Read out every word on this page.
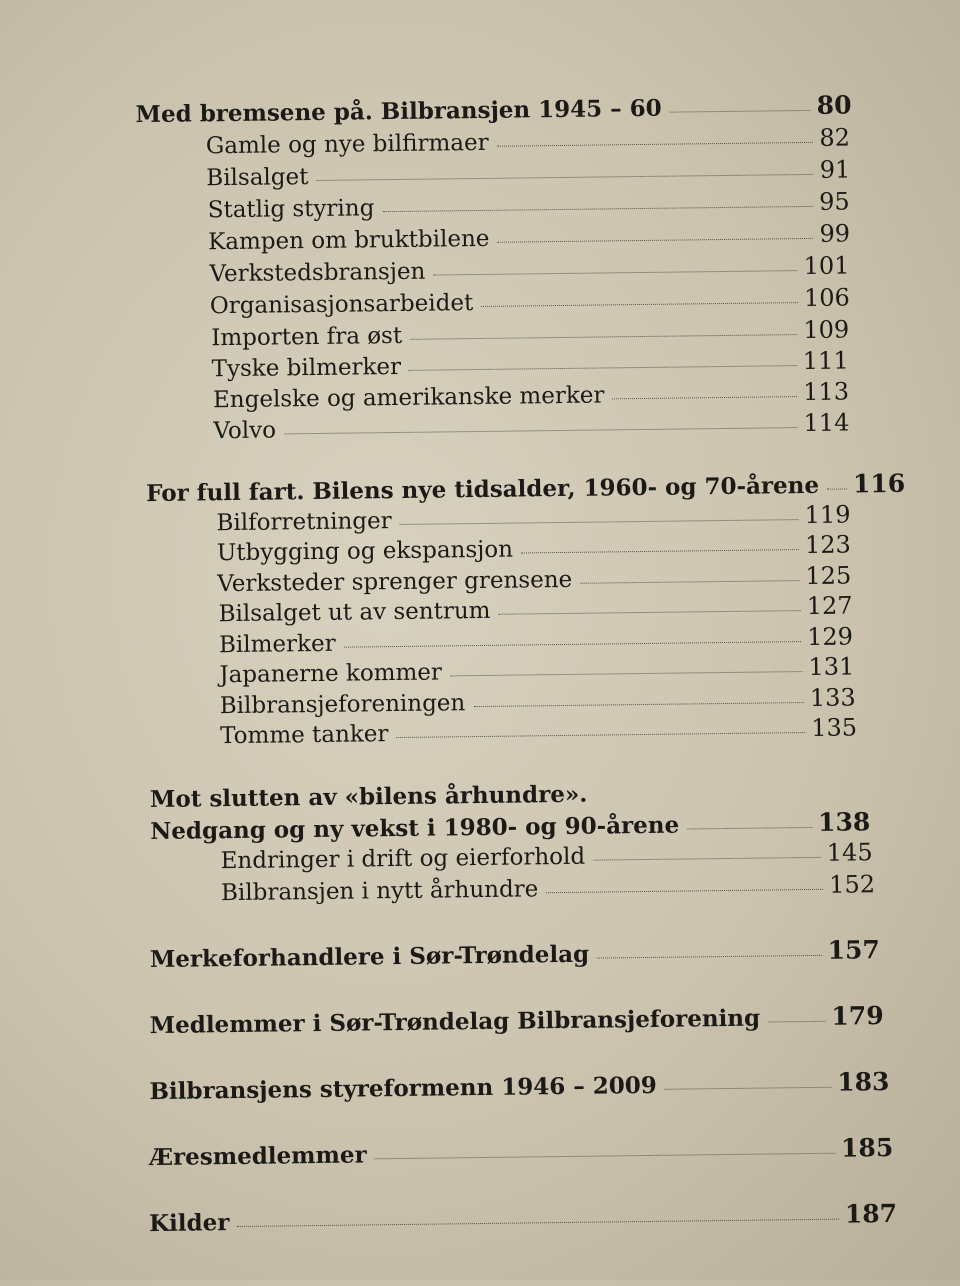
Med bremsene på. Bilbransjen 1945 – 60	80
Gamle og nye bilfirmaer	82
Bilsalget	91
Statlig styring	95
Kampen om bruktbilene	99
Verkstedsbransjen	101
Organisasjonsarbeidet	106
Importen fra øst	109
Tyske bilmerker	111
Engelske og amerikanske merker	113
Volvo	114
For full fart. Bilens nye tidsalder, 1960- og 70-årene 116
Bilforretninger	119
Utbygging og ekspansjon	123
Verksteder sprenger grensene	125
Bilsalget ut av sentrum	127
Bilmerker	129
Japanerne kommer	131
Bilbransjeforeningen	133
Tomme tanker	135
Mot slutten av «bilens århundre».
Nedgang og ny vekst i 1980- og 90-årene	138
Endringer i drift og eierforhold	145
Bilbransjen i nytt århundre	152
Merkeforhandlere i Sør-Trøndelag	157
Medlemmer i Sør-Trøndelag Bilbransjeforening	179
Bilbransjens styreformenn 1946 – 2009	183
Æresmedlemmer	185
Kilder	187
